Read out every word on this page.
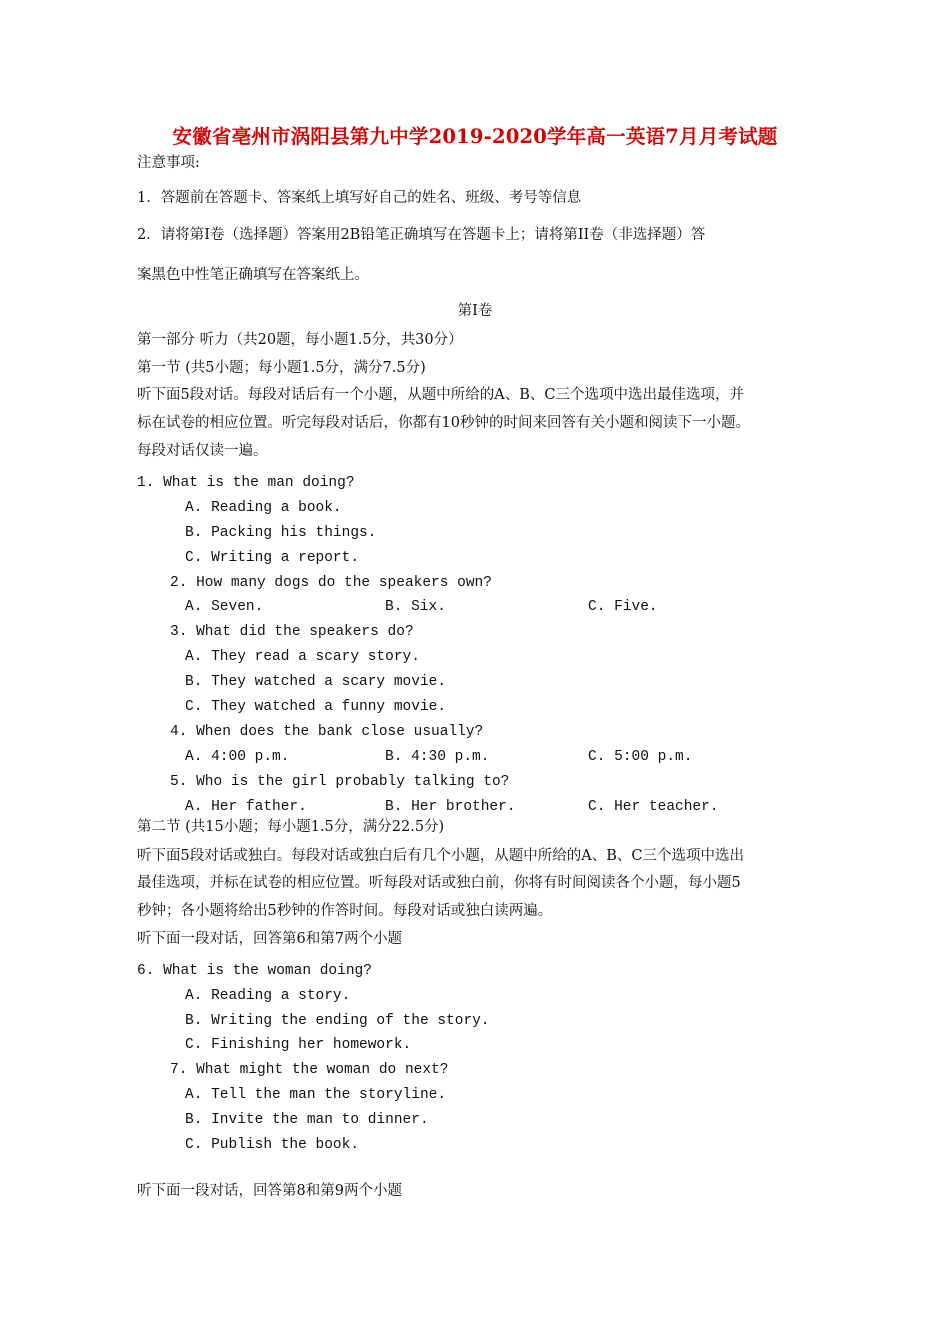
安徽省亳州市涡阳县第九中学2019-2020学年高一英语7月月考试题
注意事项:
1．答题前在答题卡、答案纸上填写好自己的姓名、班级、考号等信息
2．请将第I卷（选择题）答案用2B铅笔正确填写在答题卡上；请将第II卷（非选择题）答
案黑色中性笔正确填写在答案纸上。
第I卷
第一部分 听力（共20题，每小题1.5分，共30分）
第一节 (共5小题；每小题1.5分，满分7.5分)
听下面5段对话。每段对话后有一个小题，从题中所给的A、B、C三个选项中选出最佳选项，并
标在试卷的相应位置。听完每段对话后，你都有10秒钟的时间来回答有关小题和阅读下一小题。
每段对话仅读一遍。
1. What is the man doing?
A. Reading a book.
B. Packing his things.
C. Writing a report.
2. How many dogs do the speakers own?
A. Seven.	B. Six.	C. Five.
3. What did the speakers do?
A. They read a scary story.
B. They watched a scary movie.
C. They watched a funny movie.
4. When does the bank close usually?
A. 4:00 p.m.	B. 4:30 p.m.	C. 5:00 p.m.
5. Who is the girl probably talking to?
A. Her father.	B. Her brother.	C. Her teacher.
第二节 (共15小题；每小题1.5分，满分22.5分)
听下面5段对话或独白。每段对话或独白后有几个小题，从题中所给的A、B、C三个选项中选出
最佳选项，并标在试卷的相应位置。听每段对话或独白前，你将有时间阅读各个小题，每小题5
秒钟；各小题将给出5秒钟的作答时间。每段对话或独白读两遍。
听下面一段对话，回答第6和第7两个小题
6. What is the woman doing?
A. Reading a story.
B. Writing the ending of the story.
C. Finishing her homework.
7. What might the woman do next?
A. Tell the man the storyline.
B. Invite the man to dinner.
C. Publish the book.
听下面一段对话，回答第8和第9两个小题
